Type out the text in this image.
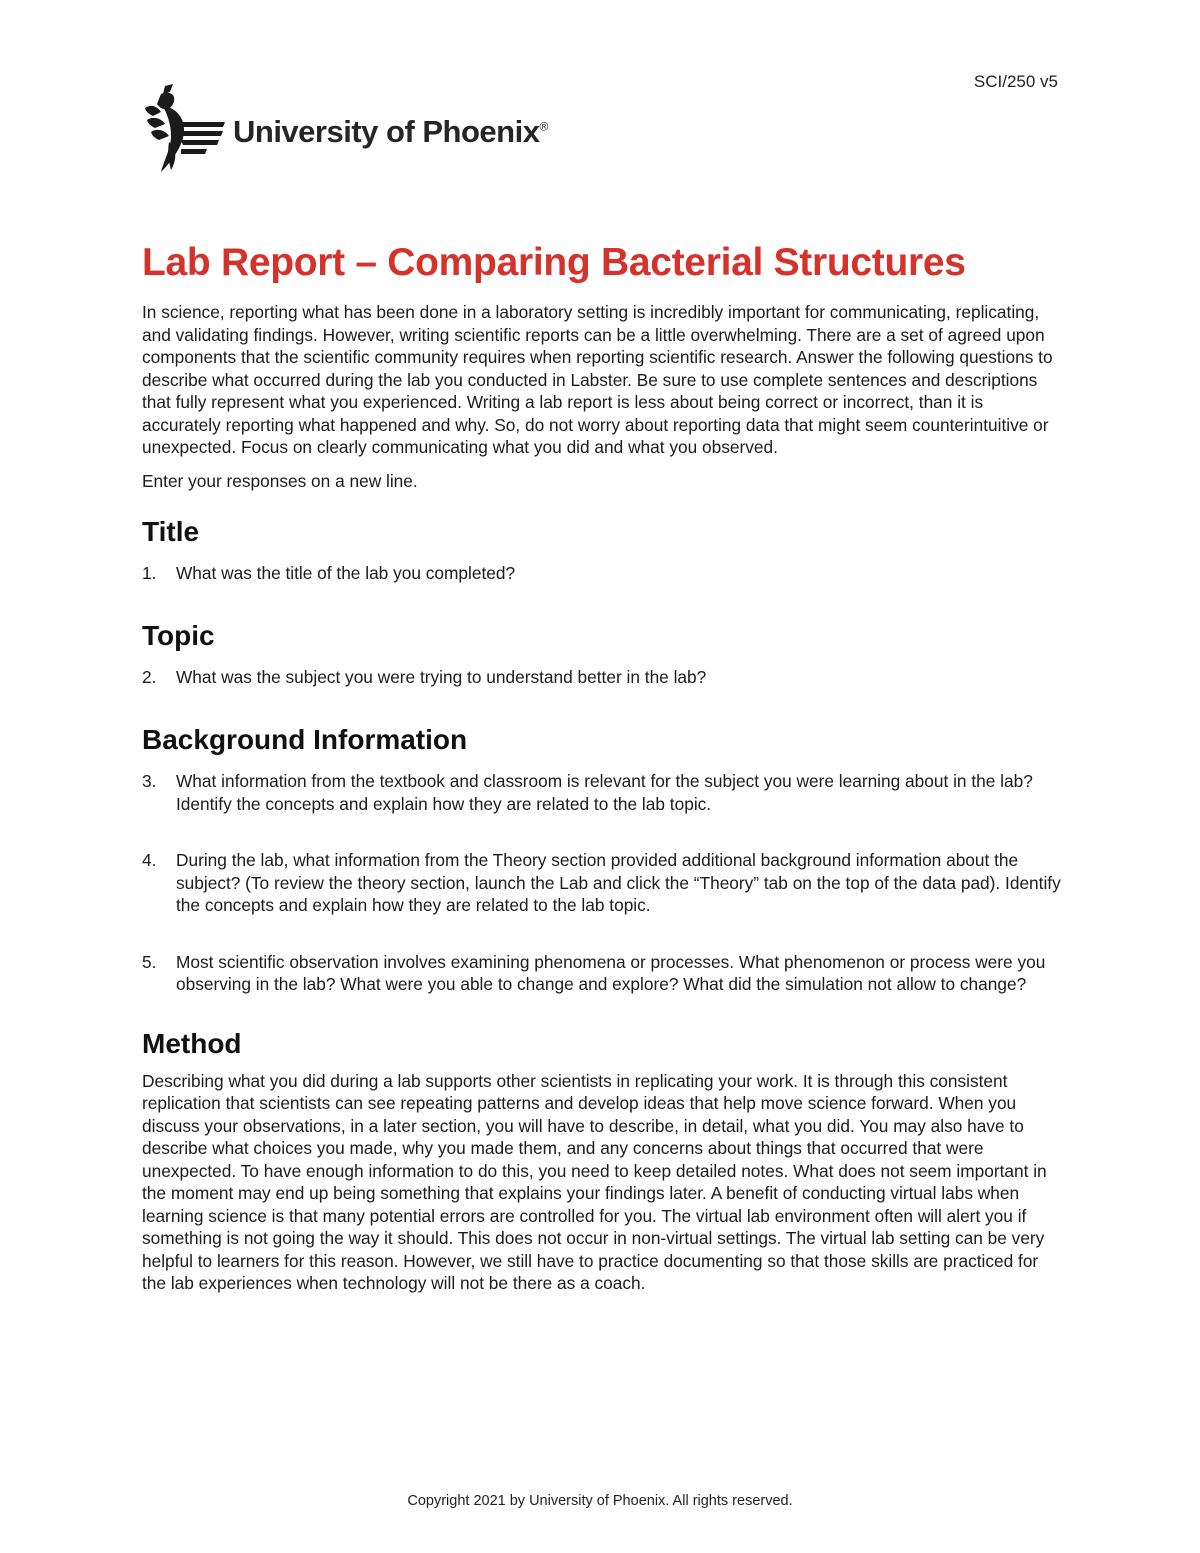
SCI/250 v5
University of Phoenix®
Lab Report – Comparing Bacterial Structures

In science, reporting what has been done in a laboratory setting is incredibly important for communicating, replicating, and validating findings. However, writing scientific reports can be a little overwhelming. There are a set of agreed upon components that the scientific community requires when reporting scientific research. Answer the following questions to describe what occurred during the lab you conducted in Labster. Be sure to use complete sentences and descriptions that fully represent what you experienced. Writing a lab report is less about being correct or incorrect, than it is accurately reporting what happened and why. So, do not worry about reporting data that might seem counterintuitive or unexpected. Focus on clearly communicating what you did and what you observed.

Enter your responses on a new line.

Title
1.	What was the title of the lab you completed?
Topic
2.	What was the subject you were trying to understand better in the lab?
Background Information
3.	What information from the textbook and classroom is relevant for the subject you were learning about in the lab? Identify the concepts and explain how they are related to the lab topic.
4.	During the lab, what information from the Theory section provided additional background information about the subject? (To review the theory section, launch the Lab and click the “Theory” tab on the top of the data pad). Identify the concepts and explain how they are related to the lab topic.
5.	Most scientific observation involves examining phenomena or processes. What phenomenon or process were you observing in the lab? What were you able to change and explore? What did the simulation not allow to change?
Method

Describing what you did during a lab supports other scientists in replicating your work. It is through this consistent replication that scientists can see repeating patterns and develop ideas that help move science forward. When you discuss your observations, in a later section, you will have to describe, in detail, what you did. You may also have to describe what choices you made, why you made them, and any concerns about things that occurred that were unexpected. To have enough information to do this, you need to keep detailed notes. What does not seem important in the moment may end up being something that explains your findings later. A benefit of conducting virtual labs when learning science is that many potential errors are controlled for you. The virtual lab environment often will alert you if something is not going the way it should. This does not occur in non-virtual settings. The virtual lab setting can be very helpful to learners for this reason. However, we still have to practice documenting so that those skills are practiced for the lab experiences when technology will not be there as a coach.

Copyright 2021 by University of Phoenix. All rights reserved.
